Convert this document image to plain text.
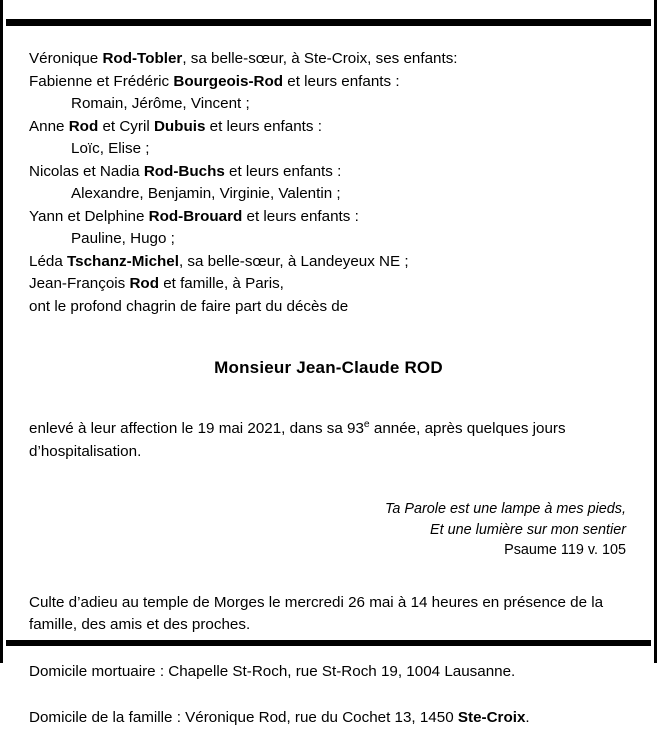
Véronique Rod-Tobler, sa belle-sœur, à Ste-Croix, ses enfants:
Fabienne et Frédéric Bourgeois-Rod et leurs enfants :
Romain, Jérôme, Vincent ;
Anne Rod et Cyril Dubuis et leurs enfants :
Loïc, Elise ;
Nicolas et Nadia Rod-Buchs et leurs enfants :
Alexandre, Benjamin, Virginie, Valentin ;
Yann et Delphine Rod-Brouard et leurs enfants :
Pauline, Hugo ;
Léda Tschanz-Michel, sa belle-sœur, à Landeyeux NE ;
Jean-François Rod et famille, à Paris,
ont le profond chagrin de faire part du décès de
Monsieur Jean-Claude ROD
enlevé à leur affection le 19 mai 2021, dans sa 93e année, après quelques jours d’hospitalisation.
Ta Parole est une lampe à mes pieds,
Et une lumière sur mon sentier
Psaume 119 v. 105
Culte d’adieu au temple de Morges le mercredi 26 mai à 14 heures en présence de la famille, des amis et des proches.
Domicile mortuaire : Chapelle St-Roch, rue St-Roch 19, 1004 Lausanne.
Domicile de la famille : Véronique Rod, rue du Cochet 13, 1450 Ste-Croix.
